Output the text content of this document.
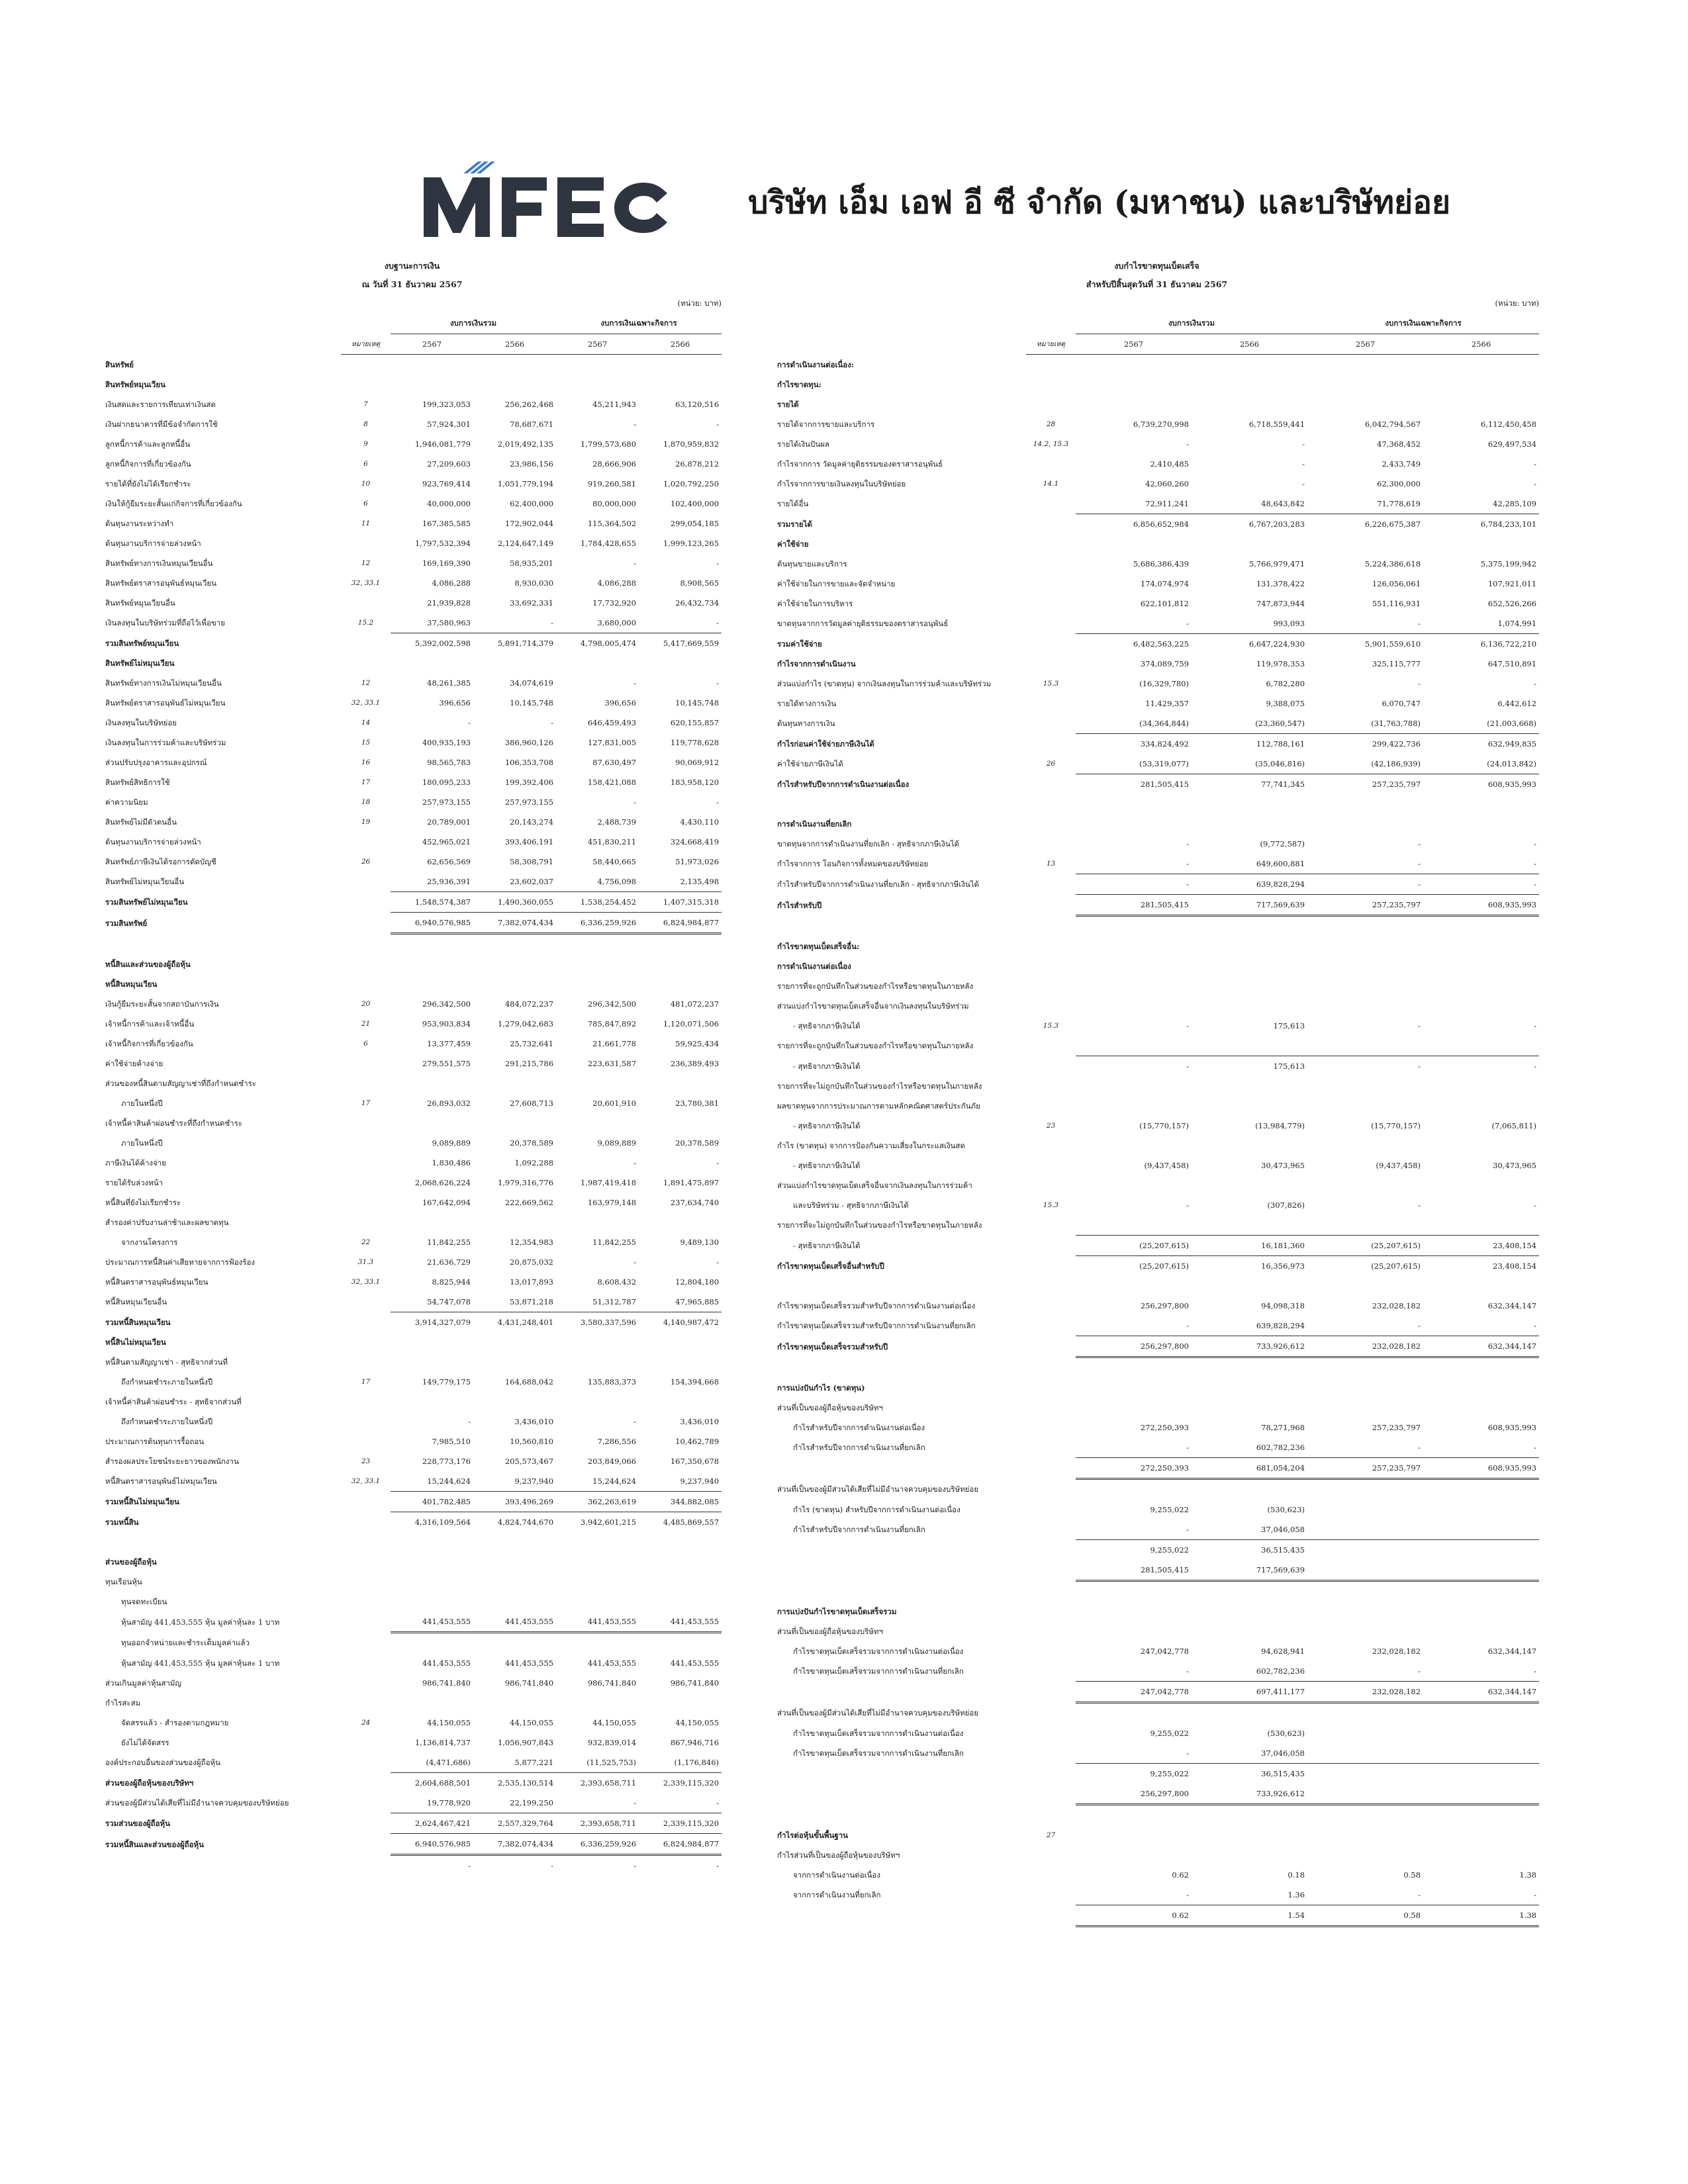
บริษัท เอ็ม เอฟ อี ซี จำกัด (มหาชน) และบริษัทย่อย
งบฐานะการเงิน
ณ วันที่ 31 ธันวาคม 2567
(หน่วย: บาท)
		งบการเงินรวม		งบการเงินเฉพาะกิจการ	
	หมายเหตุ	2567	2566	2567	2566
สินทรัพย์					
สินทรัพย์หมุนเวียน					
เงินสดและรายการเทียบเท่าเงินสด	7	199,323,053	256,262,468	45,211,943	63,120,516
เงินฝากธนาคารที่มีข้อจำกัดการใช้	8	57,924,301	78,687,671	-	-
ลูกหนี้การค้าและลูกหนี้อื่น	9	1,946,081,779	2,019,492,135	1,799,573,680	1,870,959,832
ลูกหนี้กิจการที่เกี่ยวข้องกัน	6	27,209,603	23,986,156	28,666,906	26,878,212
รายได้ที่ยังไม่ได้เรียกชำระ	10	923,769,414	1,051,779,194	919,260,581	1,020,792,250
เงินให้กู้ยืมระยะสั้นแก่กิจการที่เกี่ยวข้องกัน	6	40,000,000	62,400,000	80,000,000	102,400,000
ต้นทุนงานระหว่างทำ	11	167,385,585	172,902,044	115,364,502	299,054,185
ต้นทุนงานบริการจ่ายล่วงหน้า		1,797,532,394	2,124,647,149	1,784,428,655	1,999,123,265
สินทรัพย์ทางการเงินหมุนเวียนอื่น	12	169,169,390	58,935,201	-	-
สินทรัพย์ตราสารอนุพันธ์หมุนเวียน	32, 33.1	4,086,288	8,930,030	4,086,288	8,908,565
สินทรัพย์หมุนเวียนอื่น		21,939,828	33,692,331	17,732,920	26,432,734
เงินลงทุนในบริษัทร่วมที่ถือไว้เพื่อขาย	15.2	37,580,963	-	3,680,000	-
รวมสินทรัพย์หมุนเวียน		5,392,002,598	5,891,714,379	4,798,005,474	5,417,669,559
สินทรัพย์ไม่หมุนเวียน					
สินทรัพย์ทางการเงินไม่หมุนเวียนอื่น	12	48,261,385	34,074,619	-	-
สินทรัพย์ตราสารอนุพันธ์ไม่หมุนเวียน	32, 33.1	396,656	10,145,748	396,656	10,145,748
เงินลงทุนในบริษัทย่อย	14	-	-	646,459,493	620,155,857
เงินลงทุนในการร่วมค้าและบริษัทร่วม	15	400,935,193	386,960,126	127,831,005	119,778,628
ส่วนปรับปรุงอาคารและอุปกรณ์	16	98,565,783	106,353,708	87,630,497	90,069,912
สินทรัพย์สิทธิการใช้	17	180,095,233	199,392,406	158,421,088	183,958,120
ค่าความนิยม	18	257,973,155	257,973,155	-	-
สินทรัพย์ไม่มีตัวตนอื่น	19	20,789,001	20,143,274	2,488,739	4,430,110
ต้นทุนงานบริการจ่ายล่วงหน้า		452,965,021	393,406,191	451,830,211	324,668,419
สินทรัพย์ภาษีเงินได้รอการตัดบัญชี	26	62,656,569	58,308,791	58,440,665	51,973,026
สินทรัพย์ไม่หมุนเวียนอื่น		25,936,391	23,602,037	4,756,098	2,135,498
รวมสินทรัพย์ไม่หมุนเวียน		1,548,574,387	1,490,360,055	1,538,254,452	1,407,315,318
รวมสินทรัพย์		6,940,576,985	7,382,074,434	6,336,259,926	6,824,984,877

หนี้สินและส่วนของผู้ถือหุ้น					
หนี้สินหมุนเวียน					
เงินกู้ยืมระยะสั้นจากสถาบันการเงิน	20	296,342,500	484,072,237	296,342,500	481,072,237
เจ้าหนี้การค้าและเจ้าหนี้อื่น	21	953,903,834	1,279,042,683	785,847,892	1,120,071,506
เจ้าหนี้กิจการที่เกี่ยวข้องกัน	6	13,377,459	25,732,641	21,661,778	59,925,434
ค่าใช้จ่ายค้างจ่าย		279,551,575	291,215,786	223,631,587	236,389,493
ส่วนของหนี้สินตามสัญญาเช่าที่ถึงกำหนดชำระ					
ภายในหนึ่งปี	17	26,893,032	27,608,713	20,601,910	23,780,381
เจ้าหนี้ค่าสินค้าผ่อนชำระที่ถึงกำหนดชำระ					
ภายในหนึ่งปี		9,089,889	20,378,589	9,089,889	20,378,589
ภาษีเงินได้ค้างจ่าย		1,830,486	1,092,288	-	-
รายได้รับล่วงหน้า		2,068,626,224	1,979,316,776	1,987,419,418	1,891,475,897
หนี้สินที่ยังไม่เรียกชำระ		167,642,094	222,669,562	163,979,148	237,634,740
สำรองค่าปรับงานล่าช้าและผลขาดทุน					
จากงานโครงการ	22	11,842,255	12,354,983	11,842,255	9,489,130
ประมาณการหนี้สินค่าเสียหายจากการฟ้องร้อง	31.3	21,636,729	20,875,032	-	-
หนี้สินตราสารอนุพันธ์หมุนเวียน	32, 33.1	8,825,944	13,017,893	8,608,432	12,804,180
หนี้สินหมุนเวียนอื่น		54,747,078	53,871,218	51,312,787	47,965,885
รวมหนี้สินหมุนเวียน		3,914,327,079	4,431,248,401	3,580,337,596	4,140,987,472
หนี้สินไม่หมุนเวียน					
หนี้สินตามสัญญาเช่า - สุทธิจากส่วนที่					
ถึงกำหนดชำระภายในหนึ่งปี	17	149,779,175	164,688,042	135,883,373	154,394,668
เจ้าหนี้ค่าสินค้าผ่อนชำระ - สุทธิจากส่วนที่					
ถึงกำหนดชำระภายในหนึ่งปี		-	3,436,010	-	3,436,010
ประมาณการต้นทุนการรื้อถอน		7,985,510	10,560,810	7,286,556	10,462,789
สำรองผลประโยชน์ระยะยาวของพนักงาน	23	228,773,176	205,573,467	203,849,066	167,350,678
หนี้สินตราสารอนุพันธ์ไม่หมุนเวียน	32, 33.1	15,244,624	9,237,940	15,244,624	9,237,940
รวมหนี้สินไม่หมุนเวียน		401,782,485	393,496,269	362,263,619	344,882,085
รวมหนี้สิน		4,316,109,564	4,824,744,670	3,942,601,215	4,485,869,557

ส่วนของผู้ถือหุ้น					
ทุนเรือนหุ้น					
ทุนจดทะเบียน					
หุ้นสามัญ 441,453,555 หุ้น มูลค่าหุ้นละ 1 บาท		441,453,555	441,453,555	441,453,555	441,453,555
ทุนออกจำหน่ายและชำระเต็มมูลค่าแล้ว					
หุ้นสามัญ 441,453,555 หุ้น มูลค่าหุ้นละ 1 บาท		441,453,555	441,453,555	441,453,555	441,453,555
ส่วนเกินมูลค่าหุ้นสามัญ		986,741,840	986,741,840	986,741,840	986,741,840
กำไรสะสม					
จัดสรรแล้ว - สำรองตามกฎหมาย	24	44,150,055	44,150,055	44,150,055	44,150,055
ยังไม่ได้จัดสรร		1,136,814,737	1,056,907,843	932,839,014	867,946,716
องค์ประกอบอื่นของส่วนของผู้ถือหุ้น		(4,471,686)	5,877,221	(11,525,753)	(1,176,846)
ส่วนของผู้ถือหุ้นของบริษัทฯ		2,604,688,501	2,535,130,514	2,393,658,711	2,339,115,320
ส่วนของผู้มีส่วนได้เสียที่ไม่มีอำนาจควบคุมของบริษัทย่อย		19,778,920	22,199,250	-	-
รวมส่วนของผู้ถือหุ้น		2,624,467,421	2,557,329,764	2,393,658,711	2,339,115,320
รวมหนี้สินและส่วนของผู้ถือหุ้น		6,940,576,985	7,382,074,434	6,336,259,926	6,824,984,877
		-	-	-	-
งบกำไรขาดทุนเบ็ดเสร็จ
สำหรับปีสิ้นสุดวันที่ 31 ธันวาคม 2567
(หน่วย: บาท)
		งบการเงินรวม		งบการเงินเฉพาะกิจการ	
	หมายเหตุ	2567	2566	2567	2566
การดำเนินงานต่อเนื่อง:					
กำไรขาดทุน:					
รายได้					
รายได้จากการขายและบริการ	28	6,739,270,998	6,718,559,441	6,042,794,567	6,112,450,458
รายได้เงินปันผล	14.2, 15.3	-	-	47,368,452	629,497,534
กำไรจากการ วัดมูลค่ายุติธรรมของตราสารอนุพันธ์		2,410,485	-	2,433,749	-
กำไรจากการขายเงินลงทุนในบริษัทย่อย	14.1	42,060,260	-	62,300,000	-
รายได้อื่น		72,911,241	48,643,842	71,778,619	42,285,109
รวมรายได้		6,856,652,984	6,767,203,283	6,226,675,387	6,784,233,101
ค่าใช้จ่าย					
ต้นทุนขายและบริการ		5,686,386,439	5,766,979,471	5,224,386,618	5,375,199,942
ค่าใช้จ่ายในการขายและจัดจำหน่าย		174,074,974	131,378,422	126,056,061	107,921,011
ค่าใช้จ่ายในการบริหาร		622,101,812	747,873,944	551,116,931	652,526,266
ขาดทุนจากการวัดมูลค่ายุติธรรมของตราสารอนุพันธ์		-	993,093	-	1,074,991
รวมค่าใช้จ่าย		6,482,563,225	6,647,224,930	5,901,559,610	6,136,722,210
กำไรจากการดำเนินงาน		374,089,759	119,978,353	325,115,777	647,510,891
ส่วนแบ่งกำไร (ขาดทุน) จากเงินลงทุนในการร่วมค้าและบริษัทร่วม	15.3	(16,329,780)	6,782,280	-	-
รายได้ทางการเงิน		11,429,357	9,388,075	6,070,747	6,442,612
ต้นทุนทางการเงิน		(34,364,844)	(23,360,547)	(31,763,788)	(21,003,668)
กำไรก่อนค่าใช้จ่ายภาษีเงินได้		334,824,492	112,788,161	299,422,736	632,949,835
ค่าใช้จ่ายภาษีเงินได้	26	(53,319,077)	(35,046,816)	(42,186,939)	(24,013,842)
กำไรสำหรับปีจากการดำเนินงานต่อเนื่อง		281,505,415	77,741,345	257,235,797	608,935,993

การดำเนินงานที่ยกเลิก					
ขาดทุนจากการดำเนินงานที่ยกเลิก - สุทธิจากภาษีเงินได้		-	(9,772,587)	-	-
กำไรจากการ โอนกิจการทั้งหมดของบริษัทย่อย	13	-	649,600,881	-	-
กำไรสำหรับปีจากการดำเนินงานที่ยกเลิก - สุทธิจากภาษีเงินได้		-	639,828,294	-	-
กำไรสำหรับปี		281,505,415	717,569,639	257,235,797	608,935,993

กำไรขาดทุนเบ็ดเสร็จอื่น:					
การดำเนินงานต่อเนื่อง					
รายการที่จะถูกบันทึกในส่วนของกำไรหรือขาดทุนในภายหลัง					
ส่วนแบ่งกำไรขาดทุนเบ็ดเสร็จอื่นจากเงินลงทุนในบริษัทร่วม					
- สุทธิจากภาษีเงินได้	15.3	-	175,613	-	-
รายการที่จะถูกบันทึกในส่วนของกำไรหรือขาดทุนในภายหลัง					
- สุทธิจากภาษีเงินได้		-	175,613	-	-
รายการที่จะไม่ถูกบันทึกในส่วนของกำไรหรือขาดทุนในภายหลัง					
ผลขาดทุนจากการประมาณการตามหลักคณิตศาสตร์ประกันภัย					
- สุทธิจากภาษีเงินได้	23	(15,770,157)	(13,984,779)	(15,770,157)	(7,065,811)
กำไร (ขาดทุน) จากการป้องกันความเสี่ยงในกระแสเงินสด					
- สุทธิจากภาษีเงินได้		(9,437,458)	30,473,965	(9,437,458)	30,473,965
ส่วนแบ่งกำไรขาดทุนเบ็ดเสร็จอื่นจากเงินลงทุนในการร่วมค้า					
และบริษัทร่วม - สุทธิจากภาษีเงินได้	15.3	-	(307,826)	-	-
รายการที่จะไม่ถูกบันทึกในส่วนของกำไรหรือขาดทุนในภายหลัง					
- สุทธิจากภาษีเงินได้		(25,207,615)	16,181,360	(25,207,615)	23,408,154
กำไรขาดทุนเบ็ดเสร็จอื่นสำหรับปี		(25,207,615)	16,356,973	(25,207,615)	23,408,154

กำไรขาดทุนเบ็ดเสร็จรวมสำหรับปีจากการดำเนินงานต่อเนื่อง		256,297,800	94,098,318	232,028,182	632,344,147
กำไรขาดทุนเบ็ดเสร็จรวมสำหรับปีจากการดำเนินงานที่ยกเลิก		-	639,828,294	-	-
กำไรขาดทุนเบ็ดเสร็จรวมสำหรับปี		256,297,800	733,926,612	232,028,182	632,344,147

การแบ่งปันกำไร (ขาดทุน)					
ส่วนที่เป็นของผู้ถือหุ้นของบริษัทฯ					
กำไรสำหรับปีจากการดำเนินงานต่อเนื่อง		272,250,393	78,271,968	257,235,797	608,935,993
กำไรสำหรับปีจากการดำเนินงานที่ยกเลิก		-	602,782,236	-	-
		272,250,393	681,054,204	257,235,797	608,935,993
ส่วนที่เป็นของผู้มีส่วนได้เสียที่ไม่มีอำนาจควบคุมของบริษัทย่อย					
กำไร (ขาดทุน) สำหรับปีจากการดำเนินงานต่อเนื่อง		9,255,022	(530,623)		
กำไรสำหรับปีจากการดำเนินงานที่ยกเลิก		-	37,046,058		
		9,255,022	36,515,435		
		281,505,415	717,569,639		

การแบ่งปันกำไรขาดทุนเบ็ดเสร็จรวม					
ส่วนที่เป็นของผู้ถือหุ้นของบริษัทฯ					
กำไรขาดทุนเบ็ดเสร็จรวมจากการดำเนินงานต่อเนื่อง		247,042,778	94,628,941	232,028,182	632,344,147
กำไรขาดทุนเบ็ดเสร็จรวมจากการดำเนินงานที่ยกเลิก		-	602,782,236	-	-
		247,042,778	697,411,177	232,028,182	632,344,147
ส่วนที่เป็นของผู้มีส่วนได้เสียที่ไม่มีอำนาจควบคุมของบริษัทย่อย					
กำไรขาดทุนเบ็ดเสร็จรวมจากการดำเนินงานต่อเนื่อง		9,255,022	(530,623)		
กำไรขาดทุนเบ็ดเสร็จรวมจากการดำเนินงานที่ยกเลิก		-	37,046,058		
		9,255,022	36,515,435		
		256,297,800	733,926,612		

กำไรต่อหุ้นขั้นพื้นฐาน	27				
กำไรส่วนที่เป็นของผู้ถือหุ้นของบริษัทฯ					
จากการดำเนินงานต่อเนื่อง		0.62	0.18	0.58	1.38
จากการดำเนินงานที่ยกเลิก		-	1.36	-	-
		0.62	1.54	0.58	1.38
